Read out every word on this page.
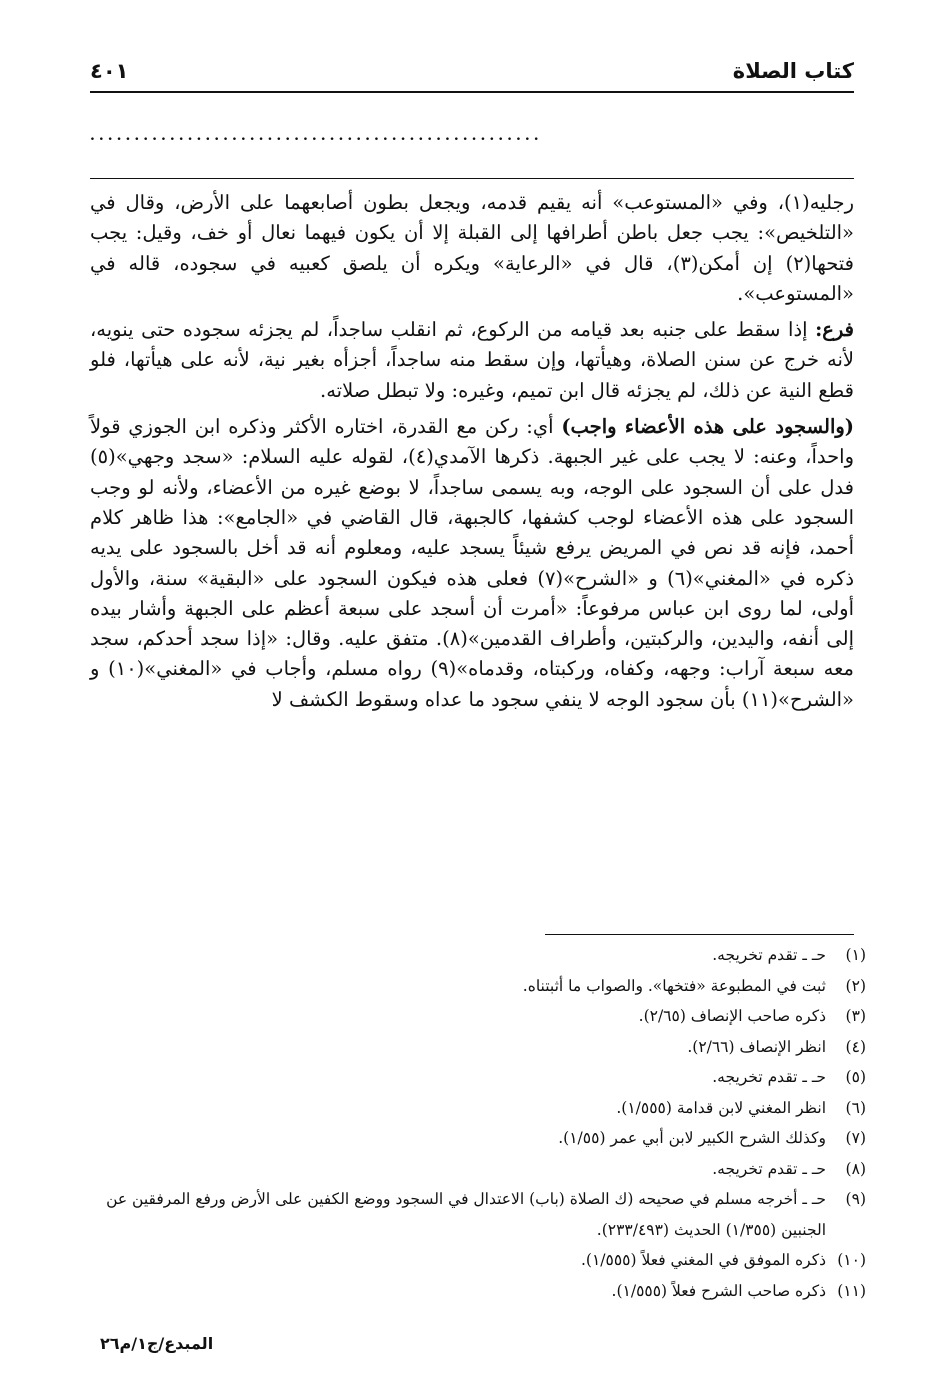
كتاب الصلاة
٤٠١
...................................................

رجليه(١)، وفي «المستوعب» أنه يقيم قدمه، ويجعل بطون أصابعهما على الأرض، وقال في «التلخيص»: يجب جعل باطن أطرافها إلى القبلة إلا أن يكون فيهما نعال أو خف، وقيل: يجب فتحها(٢) إن أمكن(٣)، قال في «الرعاية» ويكره أن يلصق كعبيه في سجوده، قاله في «المستوعب».

فرع: إذا سقط على جنبه بعد قيامه من الركوع، ثم انقلب ساجداً، لم يجزئه سجوده حتى ينويه، لأنه خرج عن سنن الصلاة، وهيأتها، وإن سقط منه ساجداً، أجزأه بغير نية، لأنه على هيأتها، فلو قطع النية عن ذلك، لم يجزئه قال ابن تميم، وغيره: ولا تبطل صلاته.

(والسجود على هذه الأعضاء واجب) أي: ركن مع القدرة، اختاره الأكثر وذكره ابن الجوزي قولاً واحداً، وعنه: لا يجب على غير الجبهة. ذكرها الآمدي(٤)، لقوله عليه السلام: «سجد وجهي»(٥) فدل على أن السجود على الوجه، وبه يسمى ساجداً، لا بوضع غيره من الأعضاء، ولأنه لو وجب السجود على هذه الأعضاء لوجب كشفها، كالجبهة، قال القاضي في «الجامع»: هذا ظاهر كلام أحمد، فإنه قد نص في المريض يرفع شيئاً يسجد عليه، ومعلوم أنه قد أخل بالسجود على يديه ذكره في «المغني»(٦) و «الشرح»(٧) فعلى هذه فيكون السجود على «البقية» سنة، والأول أولى، لما روى ابن عباس مرفوعاً: «أمرت أن أسجد على سبعة أعظم على الجبهة وأشار بيده إلى أنفه، واليدين، والركبتين، وأطراف القدمين»(٨). متفق عليه. وقال: «إذا سجد أحدكم، سجد معه سبعة آراب: وجهه، وكفاه، وركبتاه، وقدماه»(٩) رواه مسلم، وأجاب في «المغني»(١٠) و «الشرح»(١١) بأن سجود الوجه لا ينفي سجود ما عداه وسقوط الكشف لا

(١)
حـ ـ تقدم تخريجه.
(٢)
ثبت في المطبوعة «فتخها». والصواب ما أثبتناه.
(٣)
ذكره صاحب الإنصاف (٢/٦٥).
(٤)
انظر الإنصاف (٢/٦٦).
(٥)
حـ ـ تقدم تخريجه.
(٦)
انظر المغني لابن قدامة (١/٥٥٥).
(٧)
وكذلك الشرح الكبير لابن أبي عمر (١/٥٥).
(٨)
حـ ـ تقدم تخريجه.
(٩)
حـ ـ أخرجه مسلم في صحيحه (ك الصلاة (باب) الاعتدال في السجود ووضع الكفين على الأرض ورفع المرفقين عن الجنبين (١/٣٥٥) الحديث (٢٣٣/٤٩٣).
(١٠)
ذكره الموفق في المغني فعلاً (١/٥٥٥).
(١١)
ذكره صاحب الشرح فعلاً (١/٥٥٥).
المبدع/ج١/م٢٦
